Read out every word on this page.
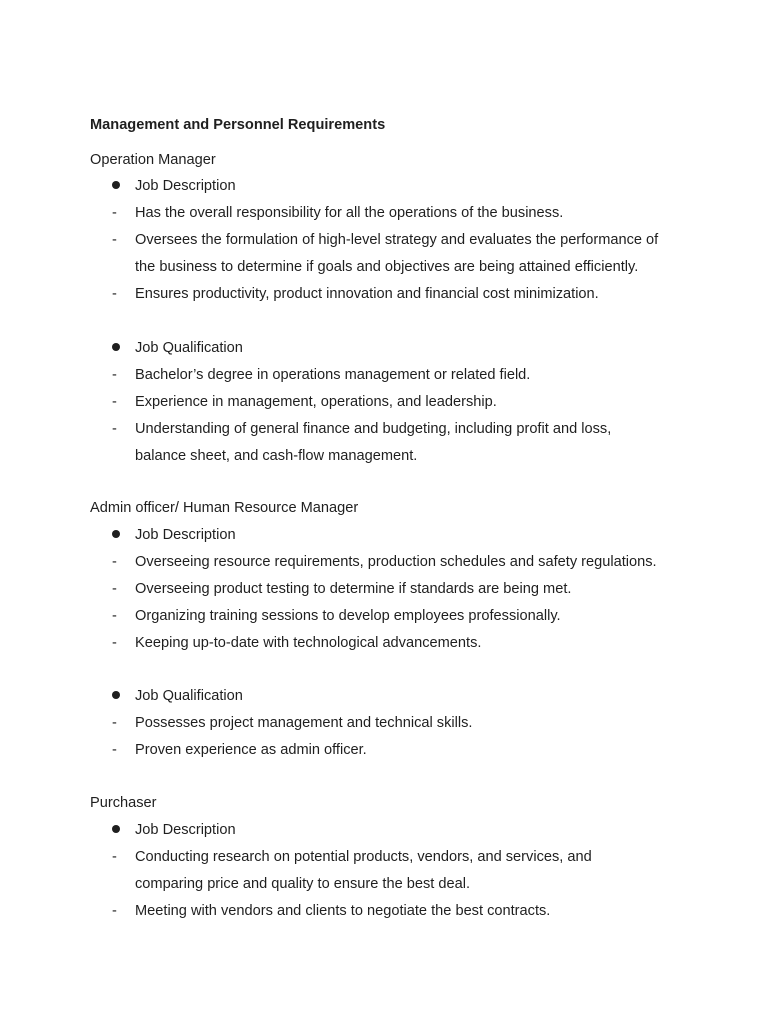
Management and Personnel Requirements
Operation Manager
Job Description
- Has the overall responsibility for all the operations of the business.
- Oversees the formulation of high-level strategy and evaluates the performance of
the business to determine if goals and objectives are being attained efficiently.
- Ensures productivity, product innovation and financial cost minimization.
Job Qualification
- Bachelor’s degree in operations management or related field.
- Experience in management, operations, and leadership.
- Understanding of general finance and budgeting, including profit and loss,
balance sheet, and cash-flow management.
Admin officer/ Human Resource Manager
Job Description
- Overseeing resource requirements, production schedules and safety regulations.
- Overseeing product testing to determine if standards are being met.
- Organizing training sessions to develop employees professionally.
- Keeping up-to-date with technological advancements.
Job Qualification
- Possesses project management and technical skills.
- Proven experience as admin officer.
Purchaser
Job Description
- Conducting research on potential products, vendors, and services, and
comparing price and quality to ensure the best deal.
- Meeting with vendors and clients to negotiate the best contracts.
